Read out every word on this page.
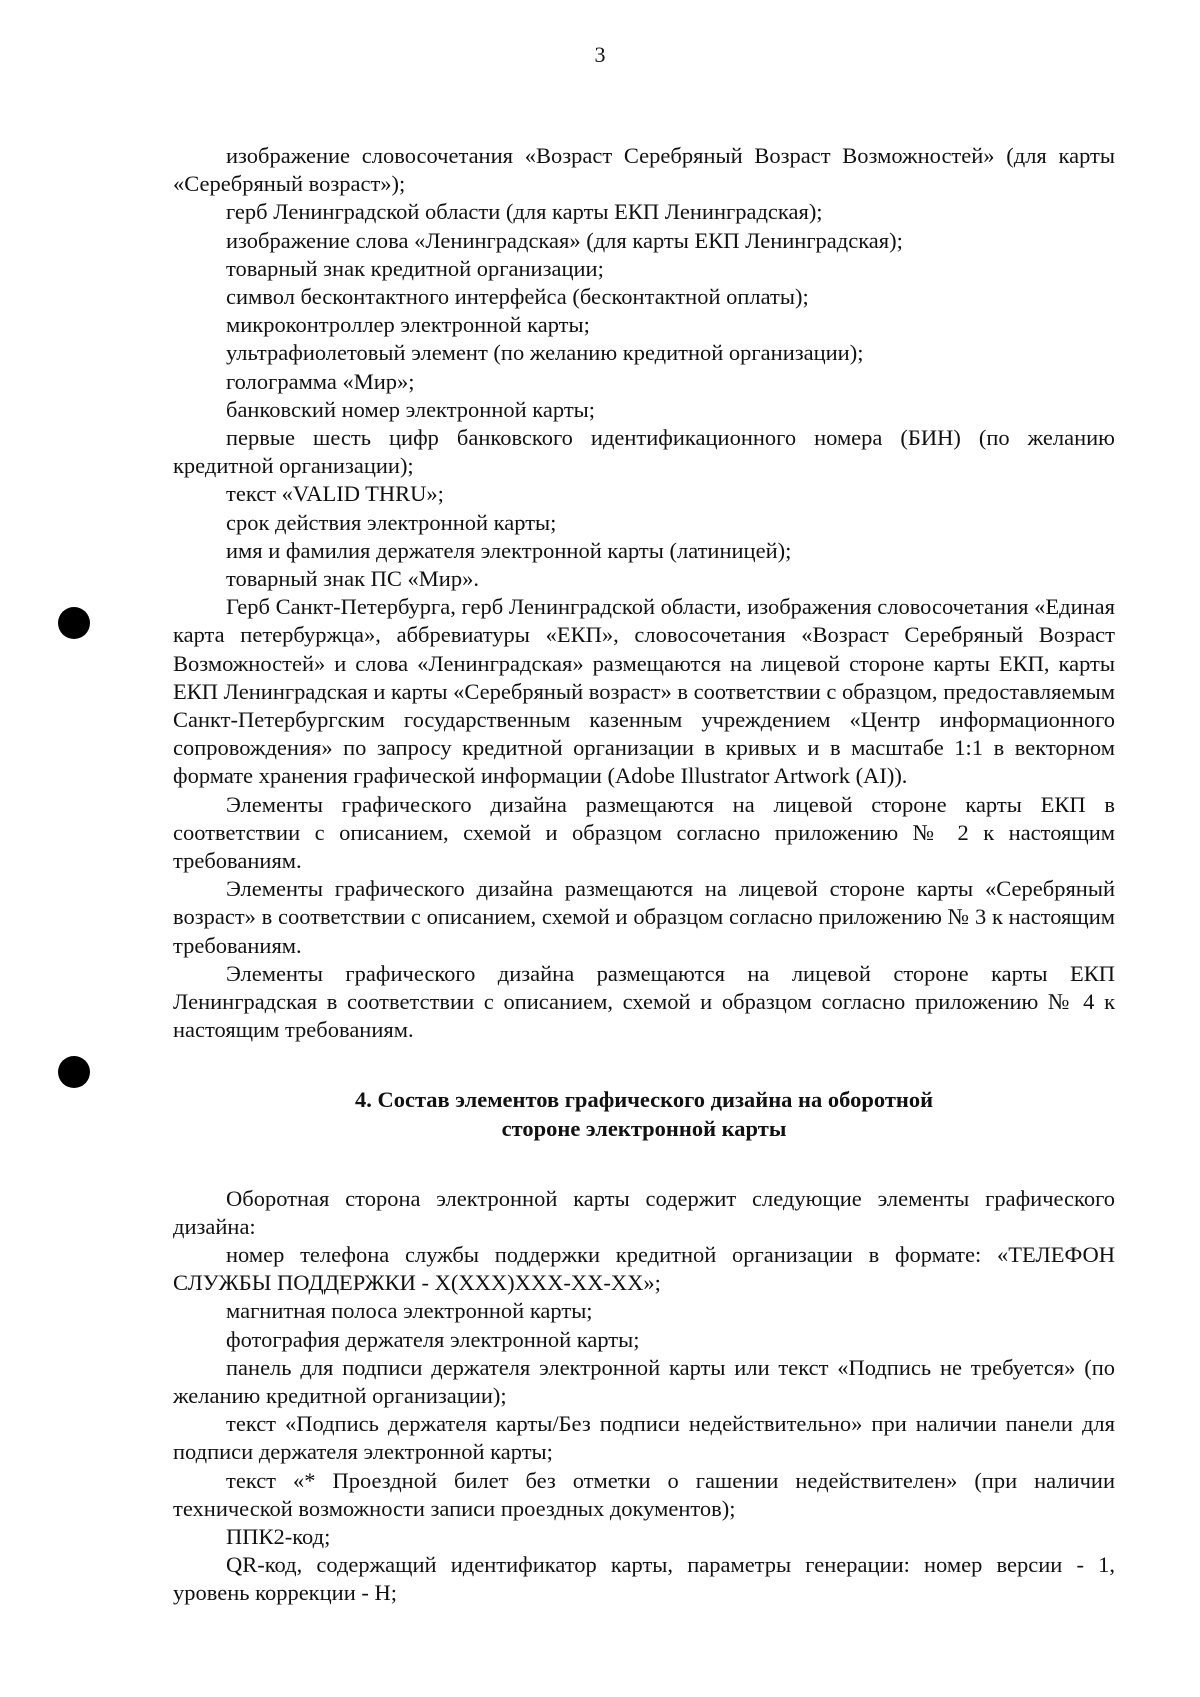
3

изображение словосочетания «Возраст Серебряный Возраст Возможностей» (для карты «Серебряный возраст»);

герб Ленинградской области (для карты ЕКП Ленинградская);

изображение слова «Ленинградская» (для карты ЕКП Ленинградская);

товарный знак кредитной организации;

символ бесконтактного интерфейса (бесконтактной оплаты);

микроконтроллер электронной карты;

ультрафиолетовый элемент (по желанию кредитной организации);

голограмма «Мир»;

банковский номер электронной карты;

первые шесть цифр банковского идентификационного номера (БИН) (по желанию кредитной организации);

текст «VALID THRU»;

срок действия электронной карты;

имя и фамилия держателя электронной карты (латиницей);

товарный знак ПС «Мир».

Герб Санкт-Петербурга, герб Ленинградской области, изображения словосочетания «Единая карта петербуржца», аббревиатуры «ЕКП», словосочетания «Возраст Серебряный Возраст Возможностей» и слова «Ленинградская» размещаются на лицевой стороне карты ЕКП, карты ЕКП Ленинградская и карты «Серебряный возраст» в соответствии с образцом, предоставляемым Санкт-Петербургским государственным казенным учреждением «Центр информационного сопровождения» по запросу кредитной организации в кривых и в масштабе 1:1 в векторном формате хранения графической информации (Adobe Illustrator Artwork (AI)).

Элементы графического дизайна размещаются на лицевой стороне карты ЕКП в соответствии с описанием, схемой и образцом согласно приложению № 2 к настоящим требованиям.

Элементы графического дизайна размещаются на лицевой стороне карты «Серебряный возраст» в соответствии с описанием, схемой и образцом согласно приложению № 3 к настоящим требованиям.

Элементы графического дизайна размещаются на лицевой стороне карты ЕКП Ленинградская в соответствии с описанием, схемой и образцом согласно приложению № 4 к настоящим требованиям.

4. Состав элементов графического дизайна на оборотной
стороне электронной карты

Оборотная сторона электронной карты содержит следующие элементы графического дизайна:

номер телефона службы поддержки кредитной организации в формате: «ТЕЛЕФОН СЛУЖБЫ ПОДДЕРЖКИ - X(XXX)XXX-XX-XX»;

магнитная полоса электронной карты;

фотография держателя электронной карты;

панель для подписи держателя электронной карты или текст «Подпись не требуется» (по желанию кредитной организации);

текст «Подпись держателя карты/Без подписи недействительно» при наличии панели для подписи держателя электронной карты;

текст «* Проездной билет без отметки о гашении недействителен» (при наличии технической возможности записи проездных документов);

ППК2-код;

QR-код, содержащий идентификатор карты, параметры генерации: номер версии - 1, уровень коррекции - H;
